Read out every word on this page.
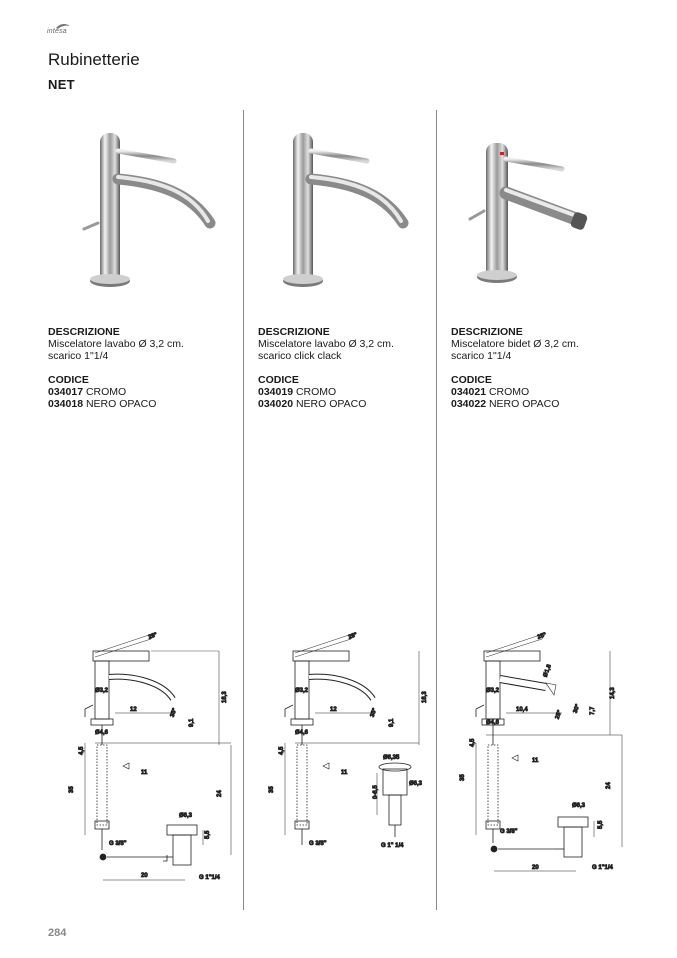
intesa
Rubinetterie
NET
DESCRIZIONE
Miscelatore lavabo Ø 3,2 cm.
scarico 1"1/4
CODICE
034017 CROMO
034018 NERO OPACO
DESCRIZIONE
Miscelatore lavabo Ø 3,2 cm.
scarico click clack
CODICE
034019 CROMO
034020 NERO OPACO
DESCRIZIONE
Miscelatore bidet Ø 3,2 cm.
scarico 1"1/4
CODICE
034021 CROMO
034022 NERO OPACO
25°
Ø3,2
12	35°
9,1
16,3
Ø4,6
4,5
11
35
24
Ø6,3
5,5
G 3/8"
20	G 1"1/4
25°
Ø3,2
12	35°
9,1
16,3
Ø4,6
4,5
11
35
G 3/8"
Ø6,35
Ø6,3
0-6,5
G 1" 1/4
25°
Ø1,8
Ø3,2
10,4	25°
30° 7,7
14,3
Ø4,6
4,5
11
35
24
Ø6,3
5,5
G 3/8"
20	G 1"1/4
284
